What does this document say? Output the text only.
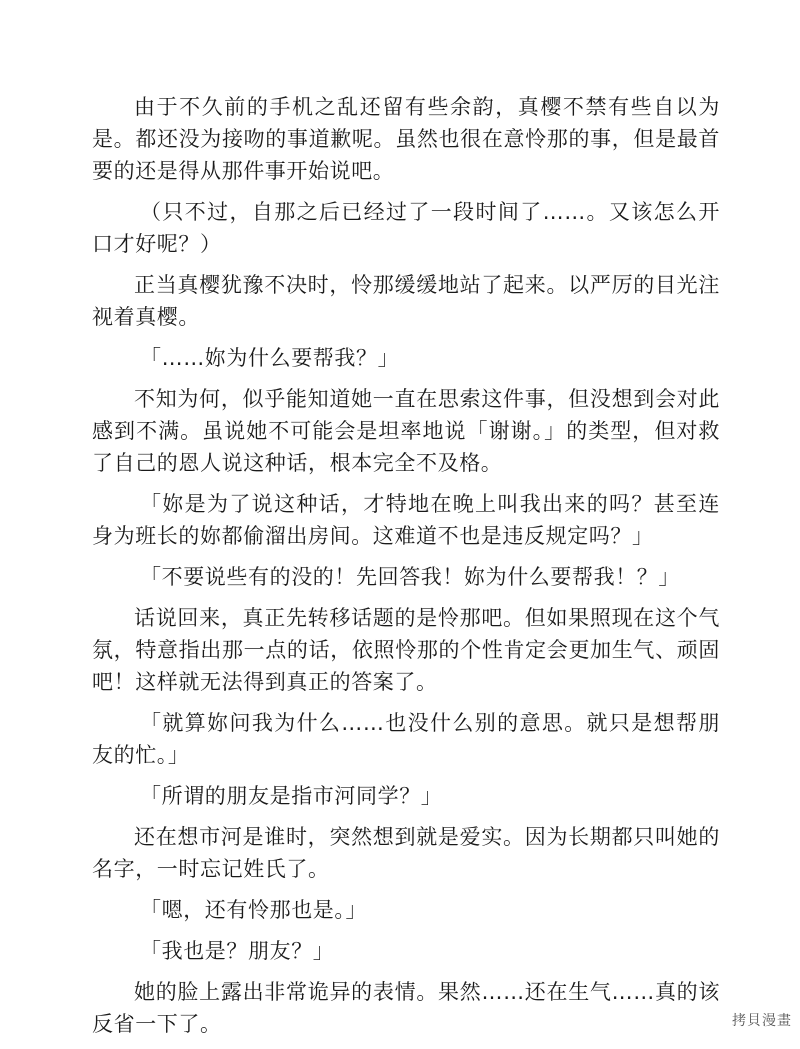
由于不久前的手机之乱还留有些余韵，真樱不禁有些自以为是。都还没为接吻的事道歉呢。虽然也很在意怜那的事，但是最首要的还是得从那件事开始说吧。

（只不过，自那之后已经过了一段时间了……。又该怎么开口才好呢？）

正当真樱犹豫不决时，怜那缓缓地站了起来。以严厉的目光注视着真樱。

「……妳为什么要帮我？」

不知为何，似乎能知道她一直在思索这件事，但没想到会对此感到不满。虽说她不可能会是坦率地说「谢谢。」的类型，但对救了自己的恩人说这种话，根本完全不及格。

「妳是为了说这种话，才特地在晚上叫我出来的吗？甚至连身为班长的妳都偷溜出房间。这难道不也是违反规定吗？」

「不要说些有的没的！先回答我！妳为什么要帮我！？」

话说回来，真正先转移话题的是怜那吧。但如果照现在这个气氛，特意指出那一点的话，依照怜那的个性肯定会更加生气、顽固吧！这样就无法得到真正的答案了。

「就算妳问我为什么……也没什么别的意思。就只是想帮朋友的忙。」

「所谓的朋友是指市河同学？」

还在想市河是谁时，突然想到就是爱实。因为长期都只叫她的名字，一时忘记姓氏了。

「嗯，还有怜那也是。」

「我也是？朋友？」

她的脸上露出非常诡异的表情。果然……还在生气……真的该反省一下了。	拷貝漫畫
